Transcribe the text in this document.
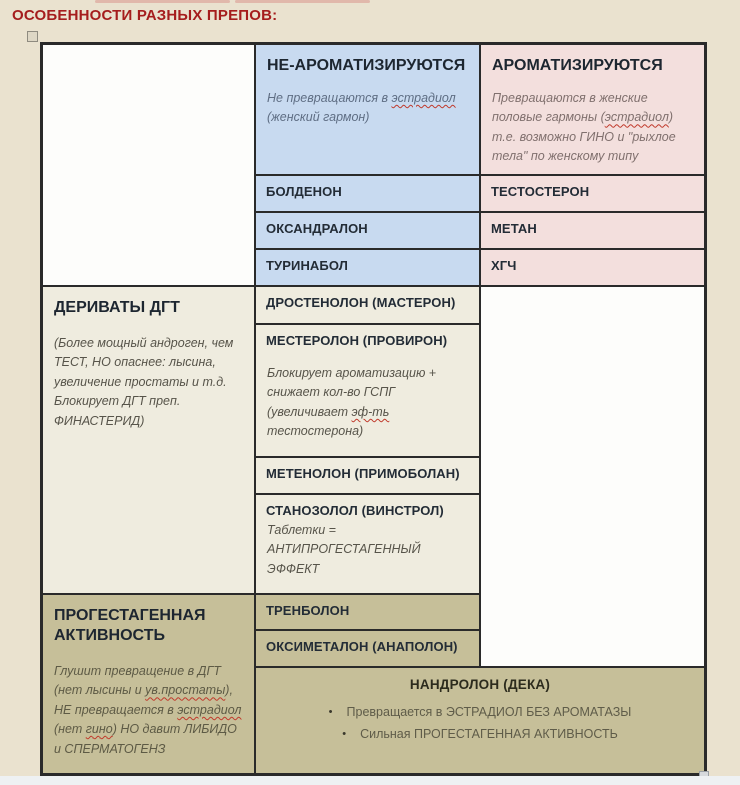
ОСОБЕННОСТИ РАЗНЫХ ПРЕПОВ:
НЕ-АРОМАТИЗИРУЮТСЯ
Не превращаются в эстрадиол (женский гармон)
АРОМАТИЗИРУЮТСЯ
Превращаются в женские половые гармоны (эстрадиол) т.е. возможно ГИНО и "рыхлое тела" по женскому типу
БОЛДЕНОН
ОКСАНДРАЛОН
ТУРИНАБОЛ
ТЕСТОСТЕРОН
МЕТАН
ХГЧ
ДЕРИВАТЫ ДГТ
(Более мощный андроген, чем ТЕСТ, НО опаснее: лысина, увеличение простаты и т.д. Блокирует ДГТ преп. ФИНАСТЕРИД)
ДРОСТЕНОЛОН (МАСТЕРОН)
МЕСТЕРОЛОН (ПРОВИРОН)
Блокирует ароматизацию + снижает кол-во ГСПГ (увеличивает эф-ть тестостерона)
МЕТЕНОЛОН (ПРИМОБОЛАН)
СТАНОЗОЛОЛ (ВИНСТРОЛ)
Таблетки = АНТИПРОГЕСТАГЕННЫЙ ЭФФЕКТ
ПРОГЕСТАГЕННАЯ АКТИВНОСТЬ
Глушит превращение в ДГТ (нет лысины и ув.простаты), НЕ превращается в эстрадиол (нет гино) НО давит ЛИБИДО и СПЕРМАТОГЕНЗ
ТРЕНБОЛОН
ОКСИМЕТАЛОН (АНАПОЛОН)
НАНДРОЛОН (ДЕКА)
• Превращается в ЭСТРАДИОЛ БЕЗ АРОМАТАЗЫ
• Сильная ПРОГЕСТАГЕННАЯ АКТИВНОСТЬ
